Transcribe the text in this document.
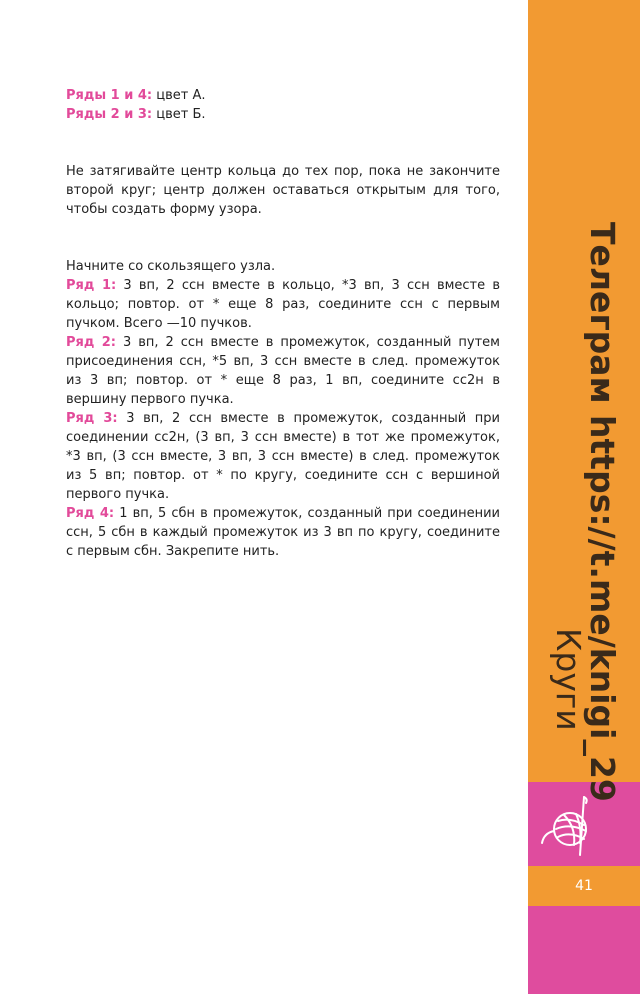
Ряды 1 и 4: цвет А.

Ряды 2 и 3: цвет Б.

Не затягивайте центр кольца до тех пор, пока не закончите второй круг; центр должен оставаться открытым для того, чтобы создать форму узора.

Начните со скользящего узла.

Ряд 1: 3 вп, 2 ссн вместе в кольцо, *3 вп, 3 ссн вместе в кольцо; повтор. от * еще 8 раз, соедините ссн с первым пучком. Всего —10 пучков.

Ряд 2: 3 вп, 2 ссн вместе в промежуток, созданный путем присоединения ссн, *5 вп, 3 ссн вместе в след. промежуток из 3 вп; повтор. от * еще 8 раз, 1 вп, соедините сс2н в вершину первого пучка.

Ряд 3: 3 вп, 2 ссн вместе в промежуток, созданный при соединении сс2н, (3 вп, 3 ссн вместе) в тот же промежуток, *3 вп, (3 ссн вместе, 3 вп, 3 ссн вместе) в след. промежуток из 5 вп; повтор. от * по кругу, соедините ссн с вершиной первого пучка.

Ряд 4: 1 вп, 5 сбн в промежуток, созданный при соединении ссн, 5 сбн в каждый промежуток из 3 вп по кругу, соедините с первым сбн. Закрепите нить.

41
Телеграм https://t.me/knigi_29
Круги
